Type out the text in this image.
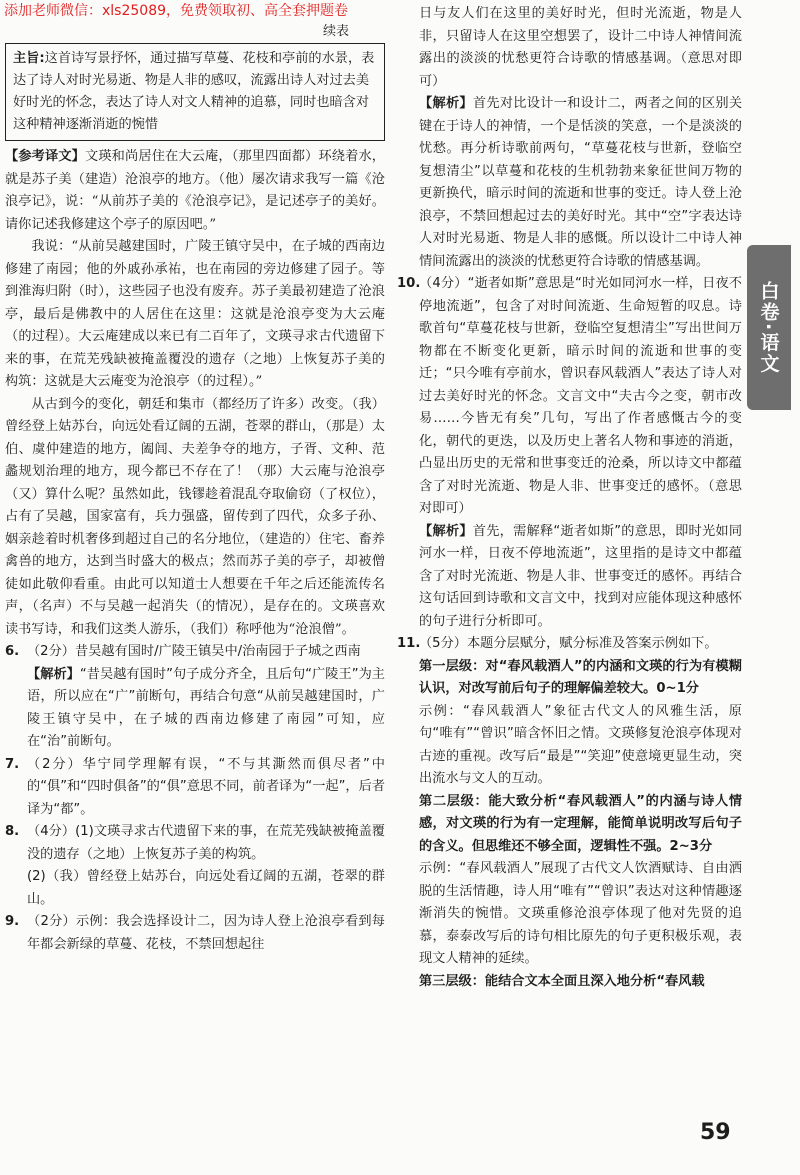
添加老师微信：xls25089，免费领取初、高全套押题卷
续表
主旨:这首诗写景抒怀，通过描写草蔓、花枝和亭前的水景，表达了诗人对时光易逝、物是人非的感叹，流露出诗人对过去美好时光的怀念，表达了诗人对文人精神的追慕，同时也暗含对这种精神逐渐消逝的惋惜

【参考译文】文瑛和尚居住在大云庵，（那里四面都）环绕着水，就是苏子美（建造）沧浪亭的地方。（他）屡次请求我写一篇《沧浪亭记》，说：“从前苏子美的《沧浪亭记》，是记述亭子的美好。请你记述我修建这个亭子的原因吧。”

我说：“从前吴越建国时，广陵王镇守吴中，在子城的西南边修建了南园；他的外戚孙承祐，也在南园的旁边修建了园子。等到淮海归附（时），这些园子也没有废弃。苏子美最初建造了沧浪亭，最后是佛教中的人居住在这里：这就是沧浪亭变为大云庵（的过程）。大云庵建成以来已有二百年了，文瑛寻求古代遗留下来的事，在荒芜残缺被掩盖覆没的遗存（之地）上恢复苏子美的构筑：这就是大云庵变为沧浪亭（的过程）。”

从古到今的变化，朝廷和集市（都经历了许多）改变。（我）曾经登上姑苏台，向远处看辽阔的五湖，苍翠的群山，（那是）太伯、虞仲建造的地方，阖闾、夫差争夺的地方，子胥、文种、范蠡规划治理的地方，现今都已不存在了！（那）大云庵与沧浪亭（又）算什么呢？虽然如此，钱镠趁着混乱夺取偷窃（了权位），占有了吴越，国家富有，兵力强盛，留传到了四代，众多子孙、姻亲趁着时机奢侈到超过自己的名分地位，（建造的）住宅、畜养禽兽的地方，达到当时盛大的极点；然而苏子美的亭子，却被僧徒如此敬仰看重。由此可以知道士人想要在千年之后还能流传名声，（名声）不与吴越一起消失（的情况），是存在的。文瑛喜欢读书写诗，和我们这类人游乐，（我们）称呼他为“沧浪僧”。

6. （2分）昔吴越有国时/广陵王镇吴中/治南园于子城之西南
【解析】“昔吴越有国时”句子成分齐全，且后句“广陵王”为主语，所以应在“广”前断句，再结合句意“从前吴越建国时，广陵王镇守吴中，在子城的西南边修建了南园”可知，应在“治”前断句。
7. （2分）华宁同学理解有误，“不与其澌然而俱尽者”中的“俱”和“四时俱备”的“俱”意思不同，前者译为“一起”，后者译为“都”。
8. （4分）(1)文瑛寻求古代遗留下来的事，在荒芜残缺被掩盖覆没的遗存（之地）上恢复苏子美的构筑。
(2)（我）曾经登上姑苏台，向远处看辽阔的五湖，苍翠的群山。
9. （2分）示例：我会选择设计二，因为诗人登上沧浪亭看到每年都会新绿的草蔓、花枝，不禁回想起往
日与友人们在这里的美好时光，但时光流逝，物是人非，只留诗人在这里空想罢了，设计二中诗人神情间流露出的淡淡的忧愁更符合诗歌的情感基调。（意思对即可）
【解析】首先对比设计一和设计二，两者之间的区别关键在于诗人的神情，一个是恬淡的笑意，一个是淡淡的忧愁。再分析诗歌前两句，“草蔓花枝与世新，登临空复想清尘”以草蔓和花枝的生机勃勃来象征世间万物的更新换代，暗示时间的流逝和世事的变迁。诗人登上沧浪亭，不禁回想起过去的美好时光。其中“空”字表达诗人对时光易逝、物是人非的感慨。所以设计二中诗人神情间流露出的淡淡的忧愁更符合诗歌的情感基调。
10.
（4分）“逝者如斯”意思是“时光如同河水一样，日夜不停地流逝”，包含了对时间流逝、生命短暂的叹息。诗歌首句“草蔓花枝与世新，登临空复想清尘”写出世间万物都在不断变化更新，暗示时间的流逝和世事的变迁；“只今唯有亭前水，曾识春风载酒人”表达了诗人对过去美好时光的怀念。文言文中“夫古今之变，朝市改易……今皆无有矣”几句，写出了作者感慨古今的变化，朝代的更迭，以及历史上著名人物和事迹的消逝，凸显出历史的无常和世事变迁的沧桑，所以诗文中都蕴含了对时光流逝、物是人非、世事变迁的感怀。（意思对即可）
【解析】首先，需解释“逝者如斯”的意思，即时光如同河水一样，日夜不停地流逝”，这里指的是诗文中都蕴含了对时光流逝、物是人非、世事变迁的感怀。再结合这句话回到诗歌和文言文中，找到对应能体现这种感怀的句子进行分析即可。
11.
（5分）本题分层赋分，赋分标准及答案示例如下。
第一层级：对“春风载酒人”的内涵和文瑛的行为有模糊认识，对改写前后句子的理解偏差较大。0~1分
示例：“春风载酒人”象征古代文人的风雅生活，原句“唯有”“曾识”暗含怀旧之情。文瑛修复沧浪亭体现对古迹的重视。改写后“最是”“笑迎”使意境更显生动，突出流水与文人的互动。
第二层级：能大致分析“春风载酒人”的内涵与诗人情感，对文瑛的行为有一定理解，能简单说明改写后句子的含义。但思维还不够全面，逻辑性不强。2~3分
示例：“春风载酒人”展现了古代文人饮酒赋诗、自由洒脱的生活情趣，诗人用“唯有”“曾识”表达对这种情趣逐渐消失的惋惜。文瑛重修沧浪亭体现了他对先贤的追慕，泰泰改写后的诗句相比原先的句子更积极乐观，表现文人精神的延续。
第三层级：能结合文本全面且深入地分析“春风载
白卷·语文
59
